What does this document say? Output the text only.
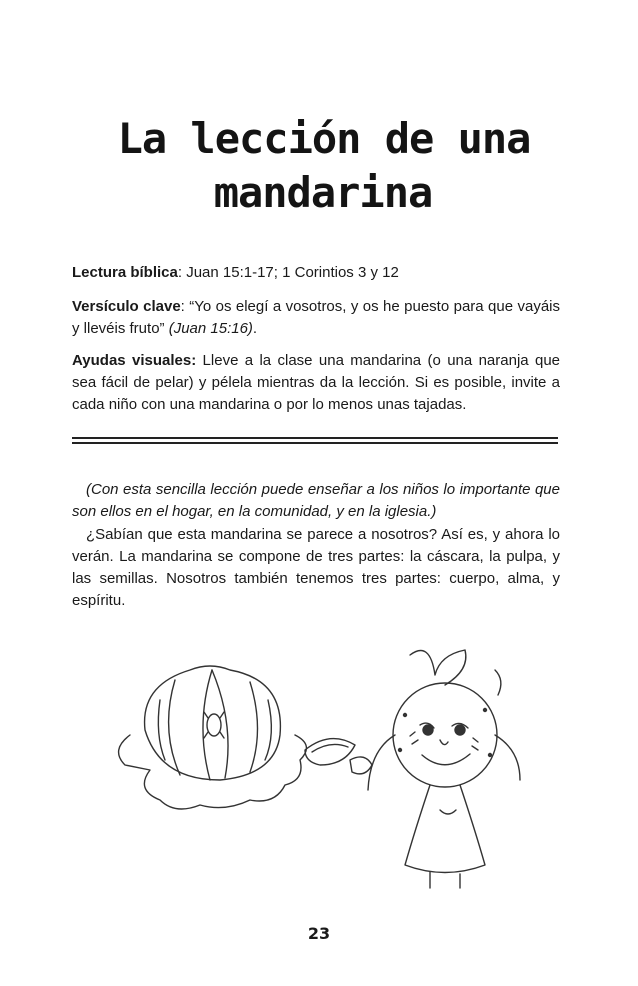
La lección de una
mandarina
Lectura bíblica: Juan 15:1-17; 1 Corintios 3 y 12
Versículo clave: “Yo os elegí a vosotros, y os he puesto para que vayáis y llevéis fruto” (Juan 15:16).
Ayudas visuales: Lleve a la clase una mandarina (o una naranja que sea fácil de pelar) y pélela mientras da la lección. Si es posible, invite a cada niño con una mandarina o por lo menos unas tajadas.
(Con esta sencilla lección puede enseñar a los niños lo importante que son ellos en el hogar, en la comunidad, y en la iglesia.)
¿Sabían que esta mandarina se parece a nosotros? Así es, y ahora lo verán. La mandarina se compone de tres partes: la cáscara, la pulpa, y las semillas. Nosotros también tenemos tres partes: cuerpo, alma, y espíritu.
23
